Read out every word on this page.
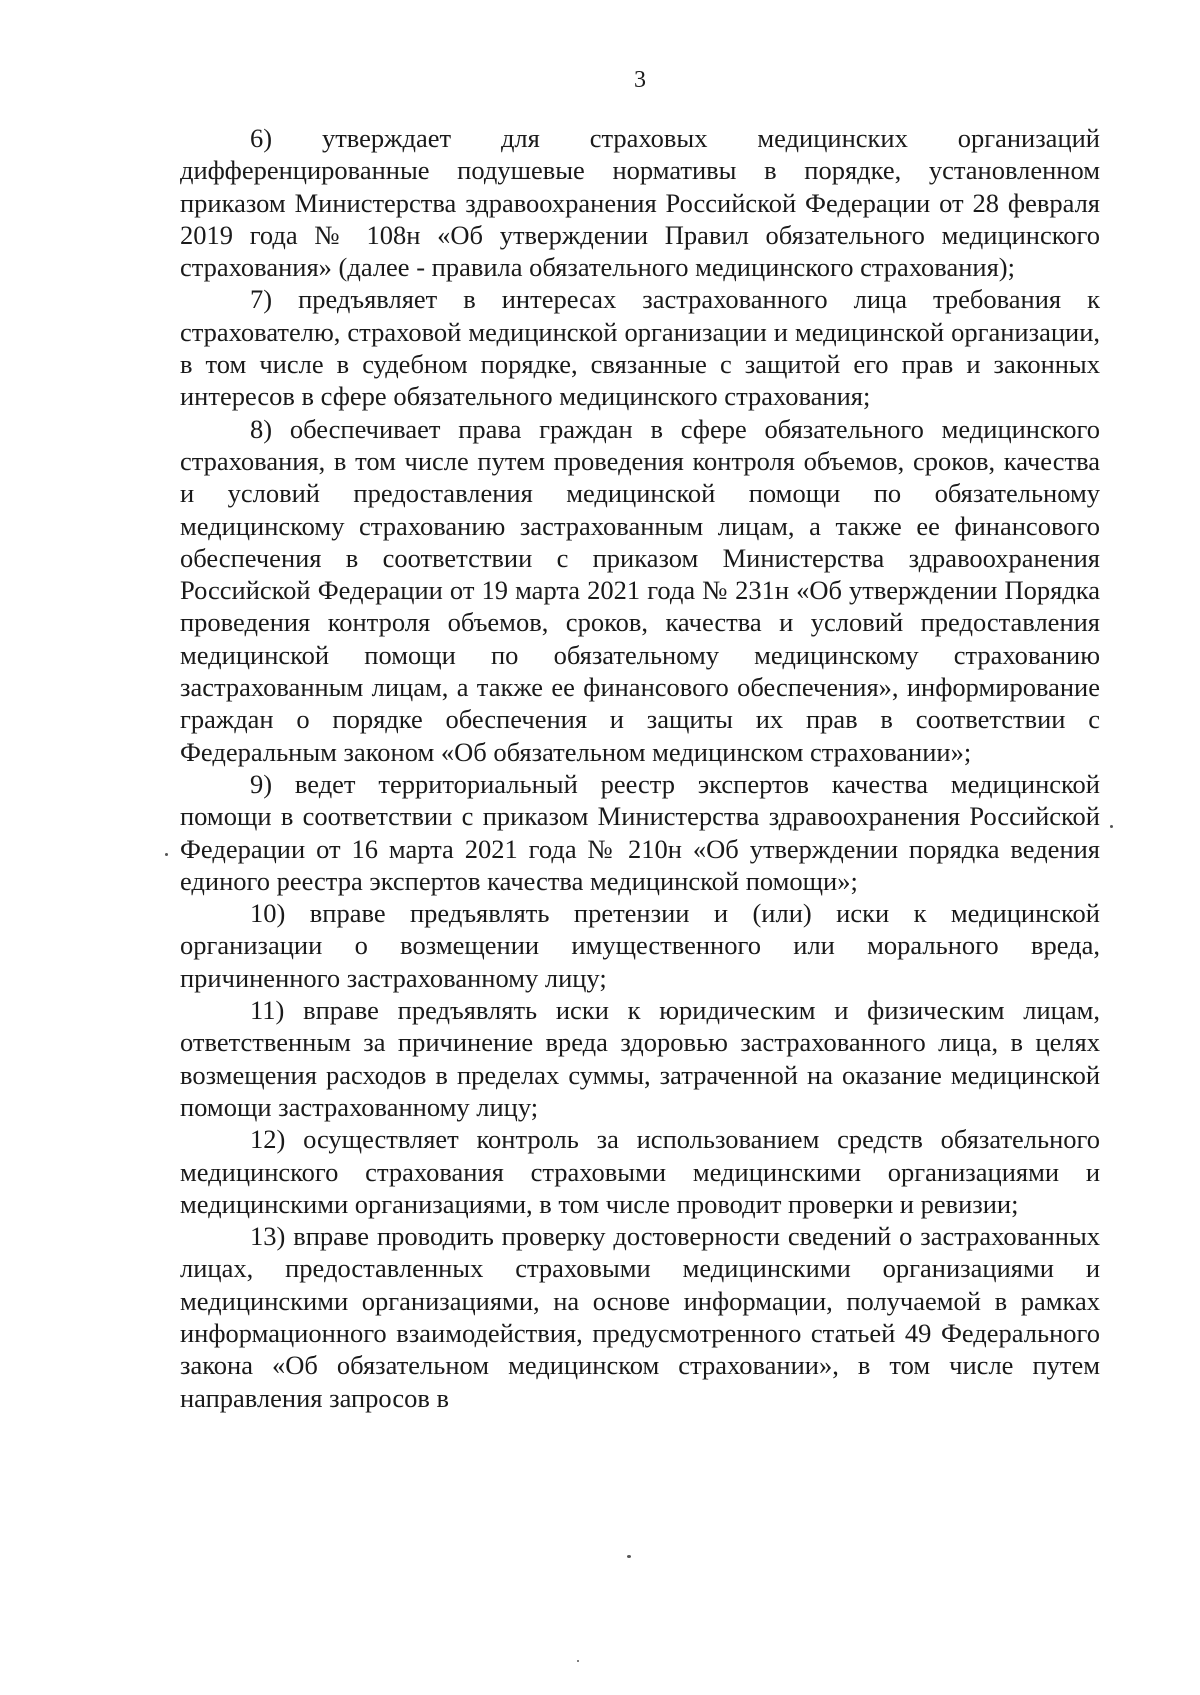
3

6) утверждает для страховых медицинских организаций дифференцированные подушевые нормативы в порядке, установленном приказом Министерства здравоохранения Российской Федерации от 28 февраля 2019 года № 108н «Об утверждении Правил обязательного медицинского страхования» (далее - правила обязательного медицинского страхования);

7) предъявляет в интересах застрахованного лица требования к страхователю, страховой медицинской организации и медицинской организации, в том числе в судебном порядке, связанные с защитой его прав и законных интересов в сфере обязательного медицинского страхования;

8) обеспечивает права граждан в сфере обязательного медицинского страхования, в том числе путем проведения контроля объемов, сроков, качества и условий предоставления медицинской помощи по обязательному медицинскому страхованию застрахованным лицам, а также ее финансового обеспечения в соответствии с приказом Министерства здравоохранения Российской Федерации от 19 марта 2021 года № 231н «Об утверждении Порядка проведения контроля объемов, сроков, качества и условий предоставления медицинской помощи по обязательному медицинскому страхованию застрахованным лицам, а также ее финансового обеспечения», информирование граждан о порядке обеспечения и защиты их прав в соответствии с Федеральным законом «Об обязательном медицинском страховании»;

9) ведет территориальный реестр экспертов качества медицинской помощи в соответствии с приказом Министерства здравоохранения Российской Федерации от 16 марта 2021 года № 210н «Об утверждении порядка ведения единого реестра экспертов качества медицинской помощи»;

10) вправе предъявлять претензии и (или) иски к медицинской организации о возмещении имущественного или морального вреда, причиненного застрахованному лицу;

11) вправе предъявлять иски к юридическим и физическим лицам, ответственным за причинение вреда здоровью застрахованного лица, в целях возмещения расходов в пределах суммы, затраченной на оказание медицинской помощи застрахованному лицу;

12) осуществляет контроль за использованием средств обязательного медицинского страхования страховыми медицинскими организациями и медицинскими организациями, в том числе проводит проверки и ревизии;

13) вправе проводить проверку достоверности сведений о застрахованных лицах, предоставленных страховыми медицинскими организациями и медицинскими организациями, на основе информации, получаемой в рамках информационного взаимодействия, предусмотренного статьей 49 Федерального закона «Об обязательном медицинском страховании», в том числе путем направления запросов в
